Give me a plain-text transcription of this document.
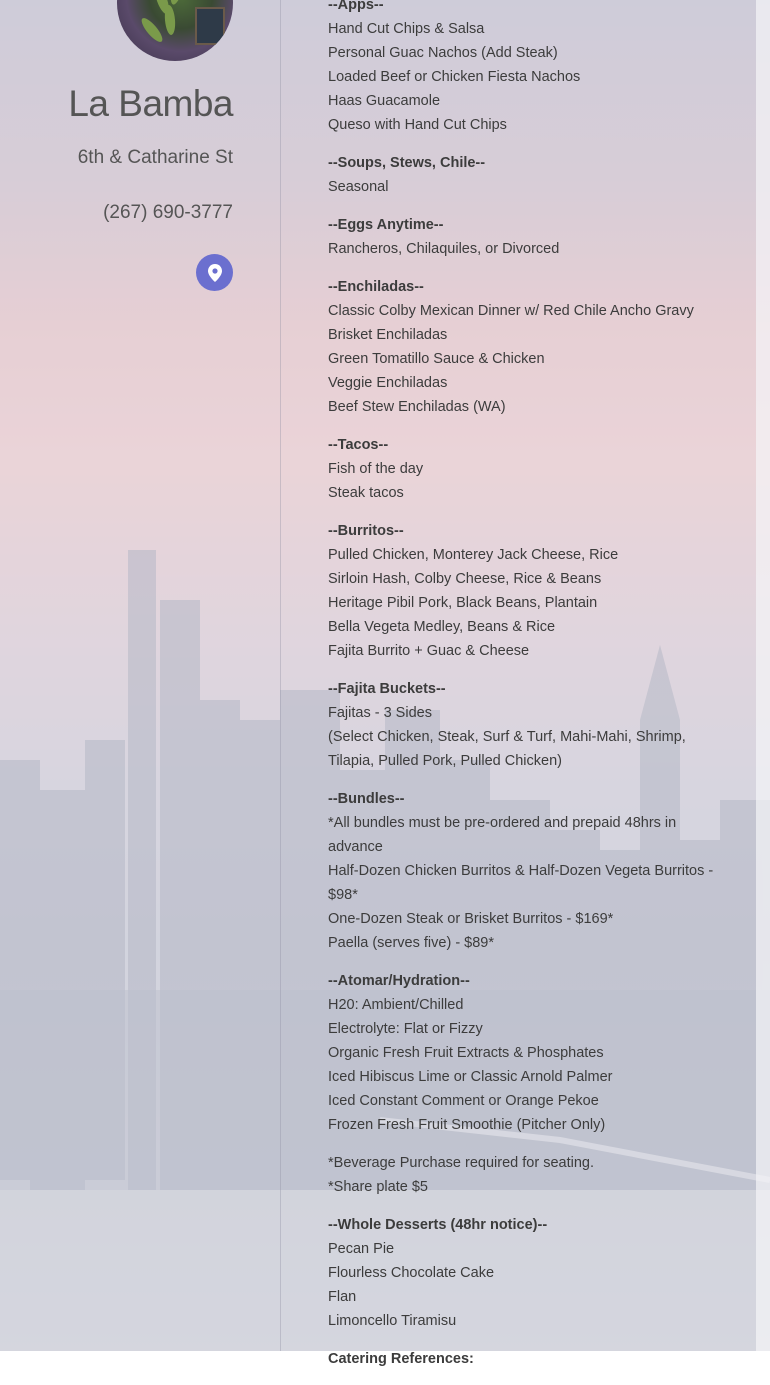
La Bamba
6th & Catharine St
(267) 690-3777
--Apps--
Hand Cut Chips & Salsa
Personal Guac Nachos (Add Steak)
Loaded Beef or Chicken Fiesta Nachos
Haas Guacamole
Queso with Hand Cut Chips
--Soups, Stews, Chile--
Seasonal
--Eggs Anytime--
Rancheros, Chilaquiles, or Divorced
--Enchiladas--
Classic Colby Mexican Dinner w/ Red Chile Ancho Gravy
Brisket Enchiladas
Green Tomatillo Sauce & Chicken
Veggie Enchiladas
Beef Stew Enchiladas (WA)
--Tacos--
Fish of the day
Steak tacos
--Burritos--
Pulled Chicken, Monterey Jack Cheese, Rice
Sirloin Hash, Colby Cheese, Rice & Beans
Heritage Pibil Pork, Black Beans, Plantain
Bella Vegeta Medley, Beans & Rice
Fajita Burrito + Guac & Cheese
--Fajita Buckets--
Fajitas - 3 Sides
(Select Chicken, Steak, Surf & Turf, Mahi-Mahi, Shrimp, Tilapia, Pulled Pork, Pulled Chicken)
--Bundles--
*All bundles must be pre-ordered and prepaid 48hrs in advance
Half-Dozen Chicken Burritos & Half-Dozen Vegeta Burritos - $98*
One-Dozen Steak or Brisket Burritos - $169*
Paella (serves five) - $89*
--Atomar/Hydration--
H20: Ambient/Chilled
Electrolyte: Flat or Fizzy
Organic Fresh Fruit Extracts & Phosphates
Iced Hibiscus Lime or Classic Arnold Palmer
Iced Constant Comment or Orange Pekoe
Frozen Fresh Fruit Smoothie (Pitcher Only)
*Beverage Purchase required for seating.
*Share plate $5
--Whole Desserts (48hr notice)--
Pecan Pie
Flourless Chocolate Cake
Flan
Limoncello Tiramisu
Catering References:
